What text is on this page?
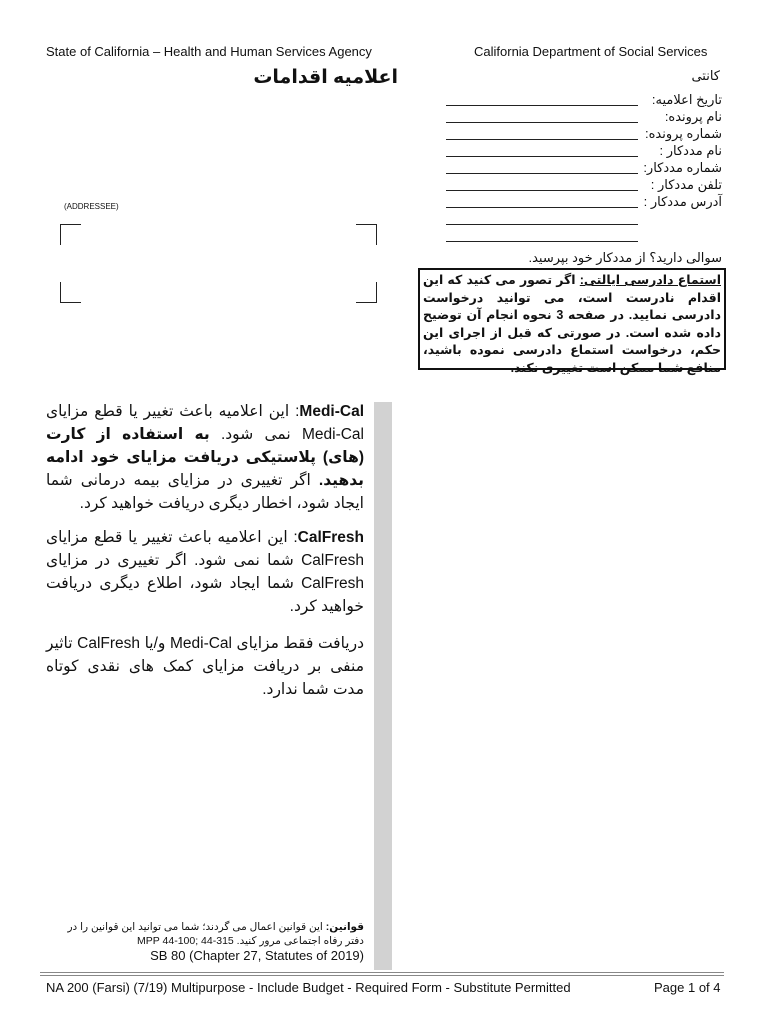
State of California – Health and Human Services Agency	California Department of Social Services
اعلامیه اقدامات	کانتی
تاریخ اعلامیه:
نام پرونده:
شماره پرونده:
نام مددکار :
شماره مددکار:
تلفن مددکار :
آدرس مددکار :
(ADDRESSEE)
سوالی دارید؟ از مددکار خود بپرسید.
استماع دادرسی ایالتی: اگر تصور می کنید که این اقدام نادرست است، می توانید درخواست دادرسی نمایید. در صفحه 3 نحوه انجام آن توضیح داده شده است. در صورتی که قبل از اجرای این حکم، درخواست استماع دادرسی نموده باشید، منافع شما ممکن است تغییری نکند.
Medi-Cal: این اعلامیه باعث تغییر یا قطع مزایای Medi-Cal نمی شود. به استفاده از کارت (های) پلاستیکی دریافت مزایای خود ادامه بدهید. اگر تغییری در مزایای بیمه درمانی شما ایجاد شود، اخطار دیگری دریافت خواهید کرد.
CalFresh: این اعلامیه باعث تغییر یا قطع مزایای CalFresh شما نمی شود. اگر تغییری در مزایای CalFresh شما ایجاد شود، اطلاع دیگری دریافت خواهید کرد.
دریافت فقط مزایای Medi-Cal و/یا CalFresh تاثیر منفی بر دریافت مزایای کمک های نقدی کوتاه مدت شما ندارد.
قوانین: این قوانین اعمال می گردند؛ شما می توانید این قوانین را در
دفتر رفاه اجتماعی مرور کنید. MPP 44-100; 44-315
SB 80 (Chapter 27, Statutes of 2019)
NA 200 (Farsi) (7/19) Multipurpose - Include Budget - Required Form - Substitute Permitted	Page 1 of 4
